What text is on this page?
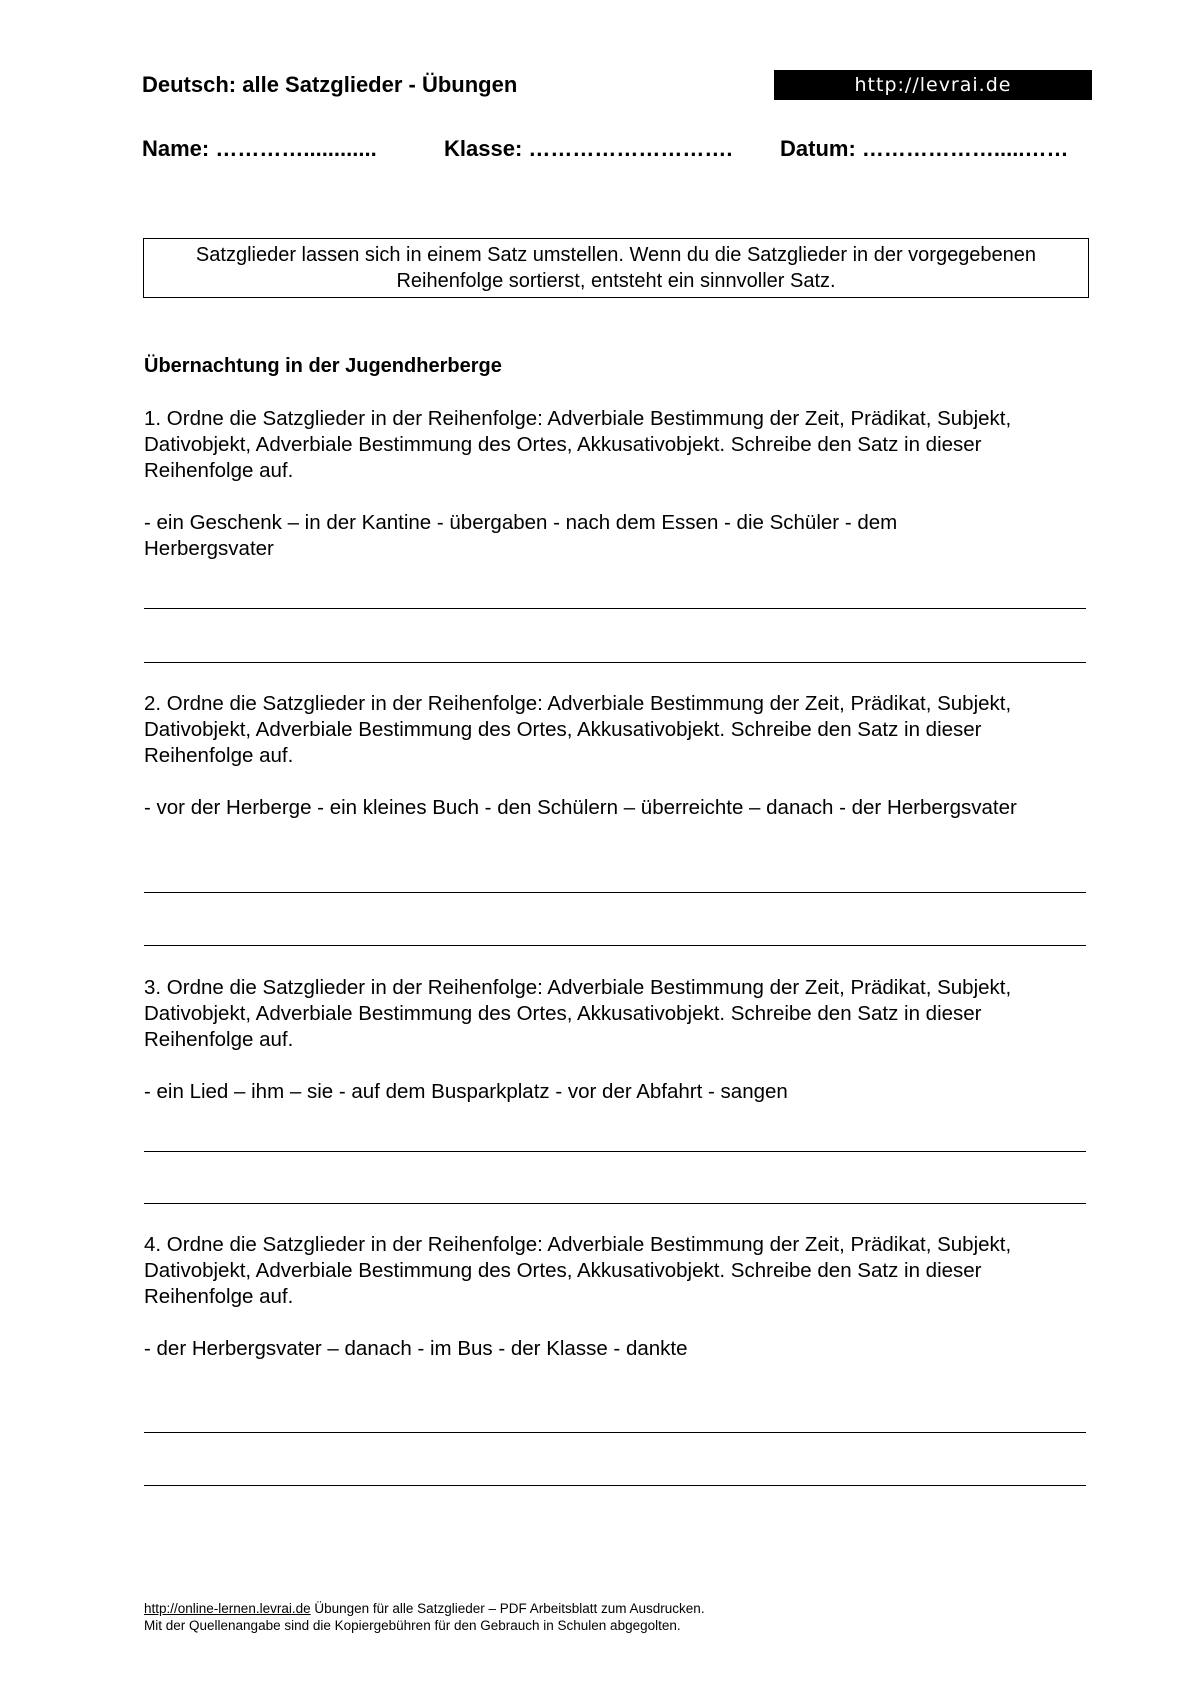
Deutsch: alle Satzglieder - Übungen	http://levrai.de
Name: …………............	Klasse: ………………………. Datum: ……………….....……
Satzglieder lassen sich in einem Satz umstellen. Wenn du die Satzglieder in der vorgegebenen
Reihenfolge sortierst, entsteht ein sinnvoller Satz.
Übernachtung in der Jugendherberge

1. Ordne die Satzglieder in der Reihenfolge: Adverbiale Bestimmung der Zeit, Prädikat, Subjekt, Dativobjekt, Adverbiale Bestimmung des Ortes, Akkusativobjekt. Schreibe den Satz in dieser Reihenfolge auf.

- ein Geschenk – in der Kantine - übergaben - nach dem Essen - die Schüler - dem Herbergsvater

2. Ordne die Satzglieder in der Reihenfolge: Adverbiale Bestimmung der Zeit, Prädikat, Subjekt, Dativobjekt, Adverbiale Bestimmung des Ortes, Akkusativobjekt. Schreibe den Satz in dieser Reihenfolge auf.

- vor der Herberge - ein kleines Buch - den Schülern – überreichte – danach - der Herbergsvater

3. Ordne die Satzglieder in der Reihenfolge: Adverbiale Bestimmung der Zeit, Prädikat, Subjekt, Dativobjekt, Adverbiale Bestimmung des Ortes, Akkusativobjekt. Schreibe den Satz in dieser Reihenfolge auf.

- ein Lied – ihm – sie - auf dem Busparkplatz - vor der Abfahrt - sangen

4. Ordne die Satzglieder in der Reihenfolge: Adverbiale Bestimmung der Zeit, Prädikat, Subjekt, Dativobjekt, Adverbiale Bestimmung des Ortes, Akkusativobjekt. Schreibe den Satz in dieser Reihenfolge auf.

- der Herbergsvater – danach - im Bus - der Klasse - dankte

http://online-lernen.levrai.de Übungen für alle Satzglieder – PDF Arbeitsblatt zum Ausdrucken.
Mit der Quellenangabe sind die Kopiergebühren für den Gebrauch in Schulen abgegolten.
